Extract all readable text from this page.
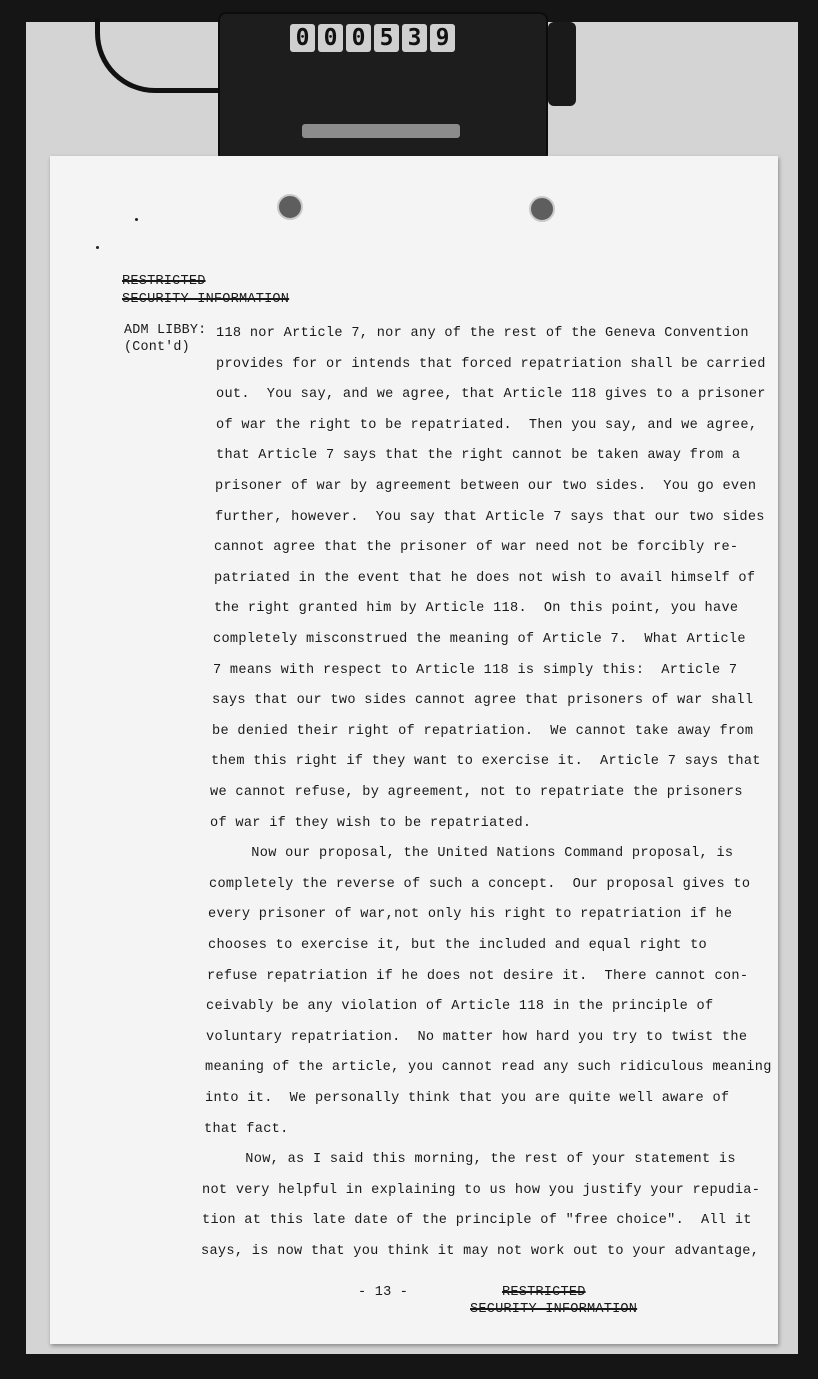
0 0 0 5 3 9
RESTRICTED
SECURITY INFORMATION
ADM LIBBY:
(Cont'd)
118 nor Article 7, nor any of the rest of the Geneva Convention
provides for or intends that forced repatriation shall be carried
out.  You say, and we agree, that Article 118 gives to a prisoner
of war the right to be repatriated.  Then you say, and we agree,
that Article 7 says that the right cannot be taken away from a
prisoner of war by agreement between our two sides.  You go even
further, however.  You say that Article 7 says that our two sides
cannot agree that the prisoner of war need not be forcibly re-
patriated in the event that he does not wish to avail himself of
the right granted him by Article 118.  On this point, you have
completely misconstrued the meaning of Article 7.  What Article
7 means with respect to Article 118 is simply this:  Article 7
says that our two sides cannot agree that prisoners of war shall
be denied their right of repatriation.  We cannot take away from
them this right if they want to exercise it.  Article 7 says that
we cannot refuse, by agreement, not to repatriate the prisoners
of war if they wish to be repatriated.
Now our proposal, the United Nations Command proposal, is
completely the reverse of such a concept.  Our proposal gives to
every prisoner of war,not only his right to repatriation if he
chooses to exercise it, but the included and equal right to
refuse repatriation if he does not desire it.  There cannot con-
ceivably be any violation of Article 118 in the principle of
voluntary repatriation.  No matter how hard you try to twist the
meaning of the article, you cannot read any such ridiculous meaning
into it.  We personally think that you are quite well aware of
that fact.
Now, as I said this morning, the rest of your statement is
not very helpful in explaining to us how you justify your repudia-
tion at this late date of the principle of "free choice".  All it
says, is now that you think it may not work out to your advantage,
- 13 -	RESTRICTED
SECURITY INFORMATION
